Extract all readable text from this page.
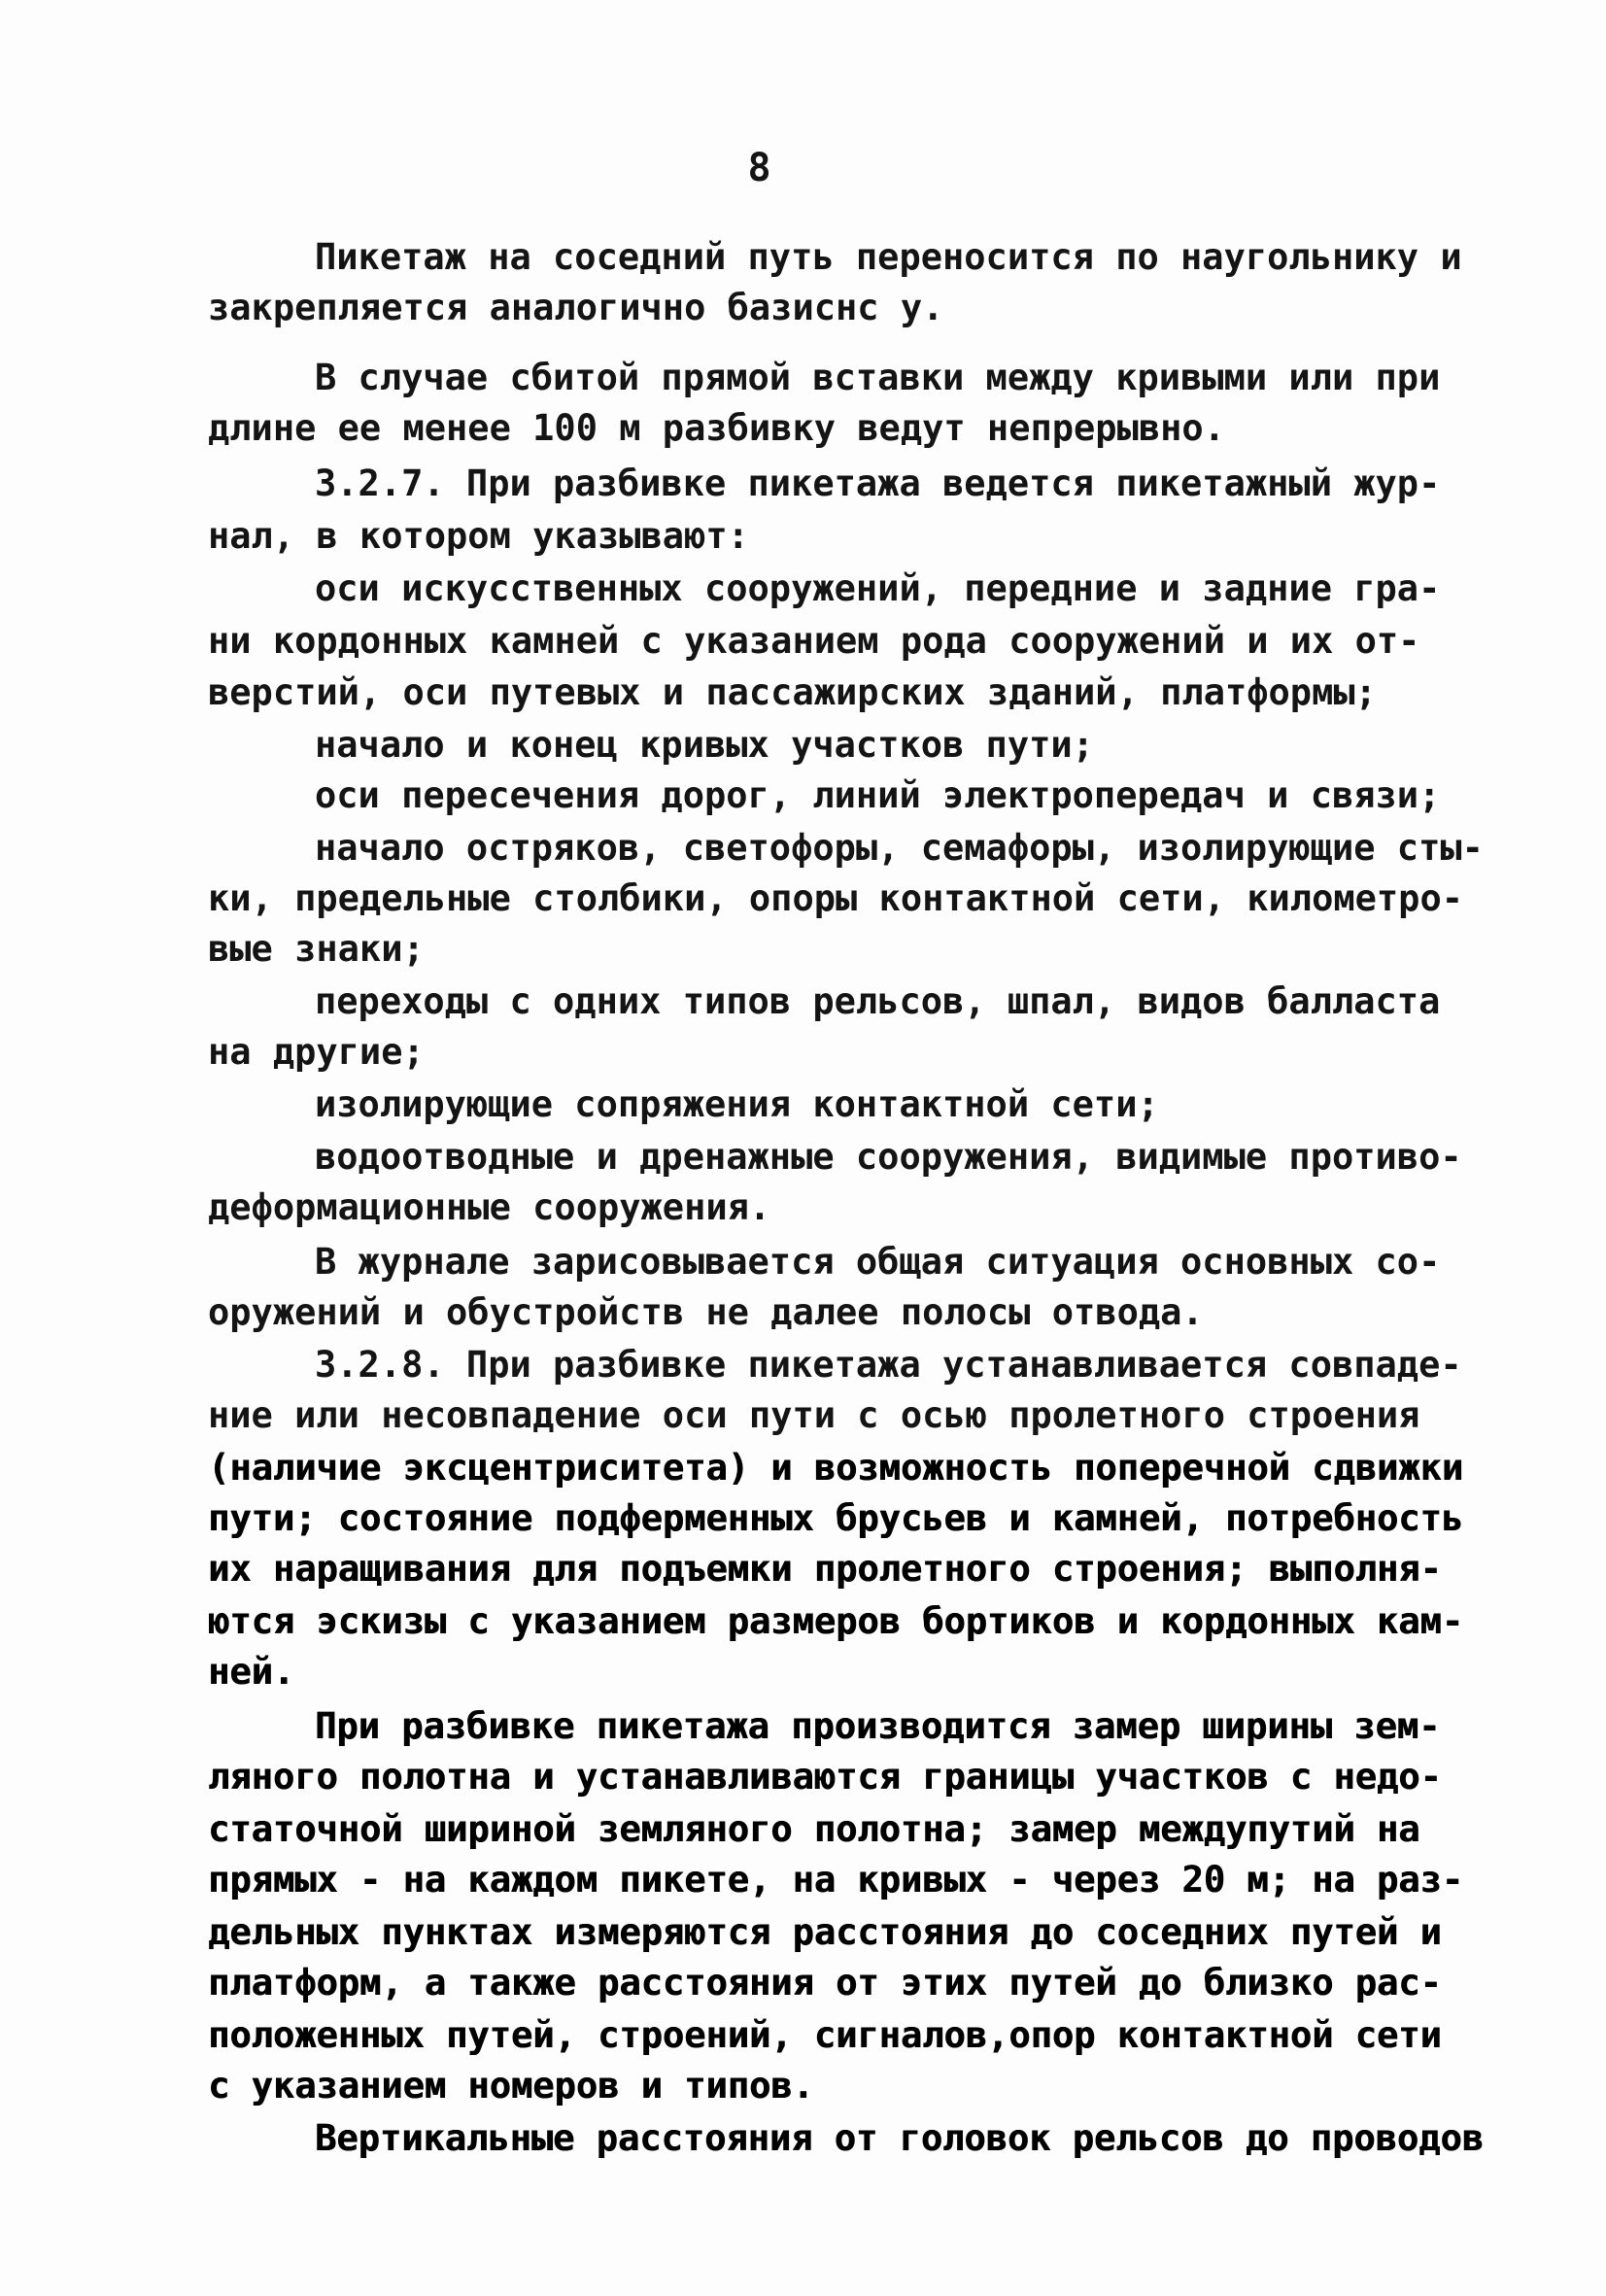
8
Пикетаж на соседний путь переносится по наугольнику и
закрепляется аналогично базиснс у.
В случае сбитой прямой вставки между кривыми или при
длине ее менее 100 м разбивку ведут непрерывно.
3.2.7. При разбивке пикетажа ведется пикетажный жур-
нал, в котором указывают:
оси искусственных сооружений, передние и задние гра-
ни кордонных камней с указанием рода сооружений и их от-
верстий, оси путевых и пассажирских зданий, платформы;
начало и конец кривых участков пути;
оси пересечения дорог, линий электропередач и связи;
начало остряков, светофоры, семафоры, изолирующие сты-
ки, предельные столбики, опоры контактной сети, километро-
вые знаки;
переходы с одних типов рельсов, шпал, видов балласта
на другие;
изолирующие сопряжения контактной сети;
водоотводные и дренажные сооружения, видимые противо-
деформационные сооружения.
В журнале зарисовывается общая ситуация основных со-
оружений и обустройств не далее полосы отвода.
3.2.8. При разбивке пикетажа устанавливается совпаде-
ние или несовпадение оси пути с осью пролетного строения
(наличие эксцентриситета) и возможность поперечной сдвижки
пути; состояние подферменных брусьев и камней, потребность
их наращивания для подъемки пролетного строения; выполня-
ются эскизы с указанием размеров бортиков и кордонных кам-
ней.
При разбивке пикетажа производится замер ширины зем-
ляного полотна и устанавливаются границы участков с недо-
статочной шириной земляного полотна; замер междупутий на
прямых - на каждом пикете, на кривых - через 20 м; на раз-
дельных пунктах измеряются расстояния до соседних путей и
платформ, а также расстояния от этих путей до близко рас-
положенных путей, строений, сигналов,опор контактной сети
с указанием номеров и типов.
Вертикальные расстояния от головок рельсов до проводов
